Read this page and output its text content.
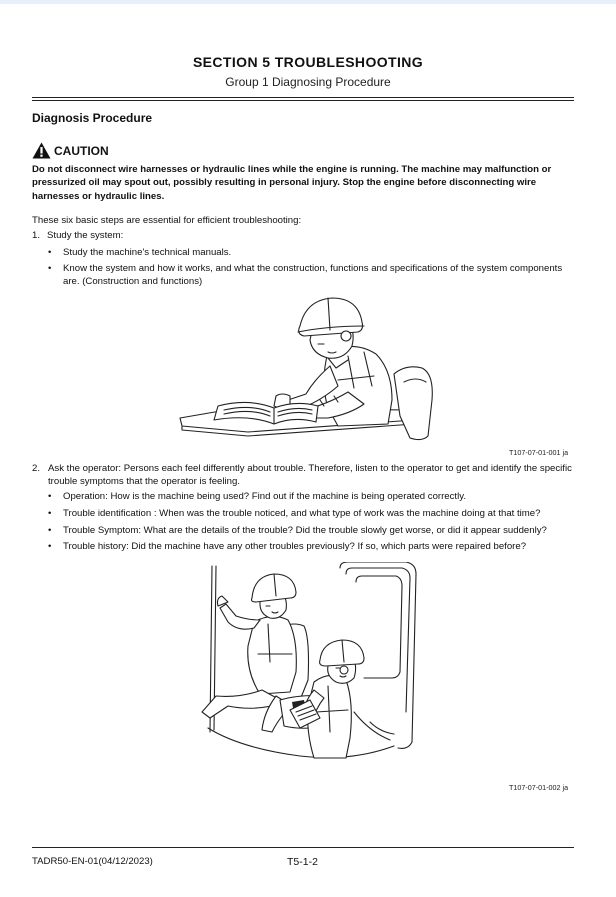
SECTION 5 TROUBLESHOOTING
Group 1 Diagnosing Procedure
Diagnosis Procedure
CAUTION
Do not disconnect wire harnesses or hydraulic lines while the engine is running. The machine may malfunction or pressurized oil may spout out, possibly resulting in personal injury. Stop the engine before disconnecting wire harnesses or hydraulic lines.
These six basic steps are essential for efficient troubleshooting:
1. Study the system:
• Study the machine's technical manuals.
• Know the system and how it works, and what the construction, functions and specifications of the system components are. (Construction and functions)
T107-07-01-001 ja
2. Ask the operator: Persons each feel differently about trouble. Therefore, listen to the operator to get and identify the specific trouble symptoms that the operator is feeling.
• Operation: How is the machine being used? Find out if the machine is being operated correctly.
• Trouble identification : When was the trouble noticed, and what type of work was the machine doing at that time?
• Trouble Symptom: What are the details of the trouble? Did the trouble slowly get worse, or did it appear suddenly?
• Trouble history: Did the machine have any other troubles previously? If so, which parts were repaired before?
T107-07-01-002 ja
TADR50-EN-01(04/12/2023)	T5-1-2
